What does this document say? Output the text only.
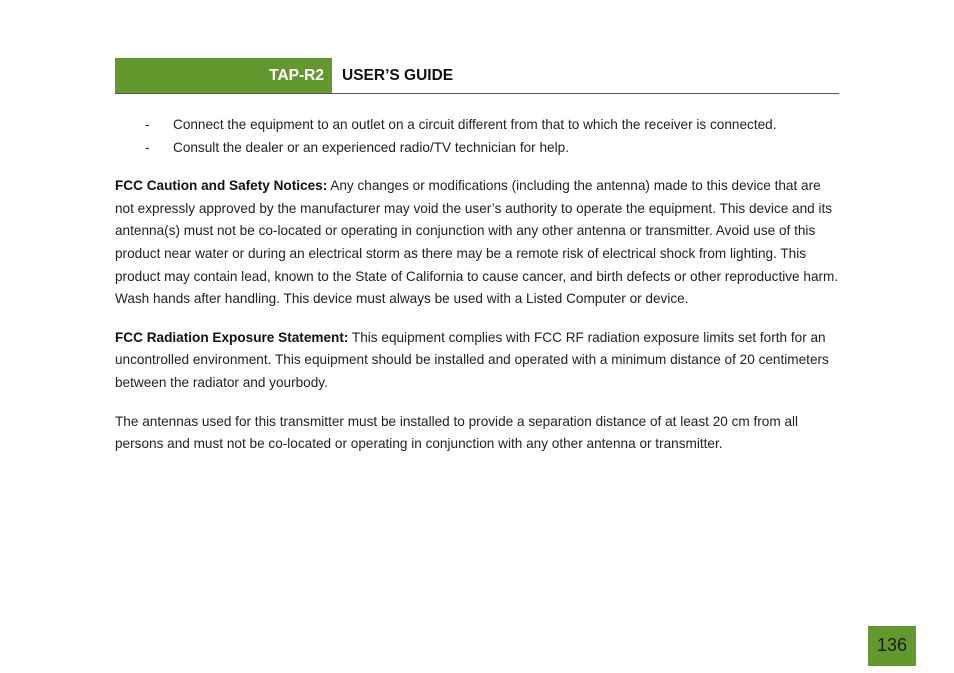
TAP-R2	USER’S GUIDE
- Connect the equipment to an outlet on a circuit different from that to which the receiver is connected.
- Consult the dealer or an experienced radio/TV technician for help.

FCC Caution and Safety Notices: Any changes or modifications (including the antenna) made to this device that are not expressly approved by the manufacturer may void the user’s authority to operate the equipment. This device and its antenna(s) must not be co-located or operating in conjunction with any other antenna or transmitter. Avoid use of this product near water or during an electrical storm as there may be a remote risk of electrical shock from lighting. This product may contain lead, known to the State of California to cause cancer, and birth defects or other reproductive harm. Wash hands after handling. This device must always be used with a Listed Computer or device.

FCC Radiation Exposure Statement: This equipment complies with FCC RF radiation exposure limits set forth for an uncontrolled environment. This equipment should be installed and operated with a minimum distance of 20 centimeters between the radiator and yourbody.

The antennas used for this transmitter must be installed to provide a separation distance of at least 20 cm from all persons and must not be co-located or operating in conjunction with any other antenna or transmitter.

136
